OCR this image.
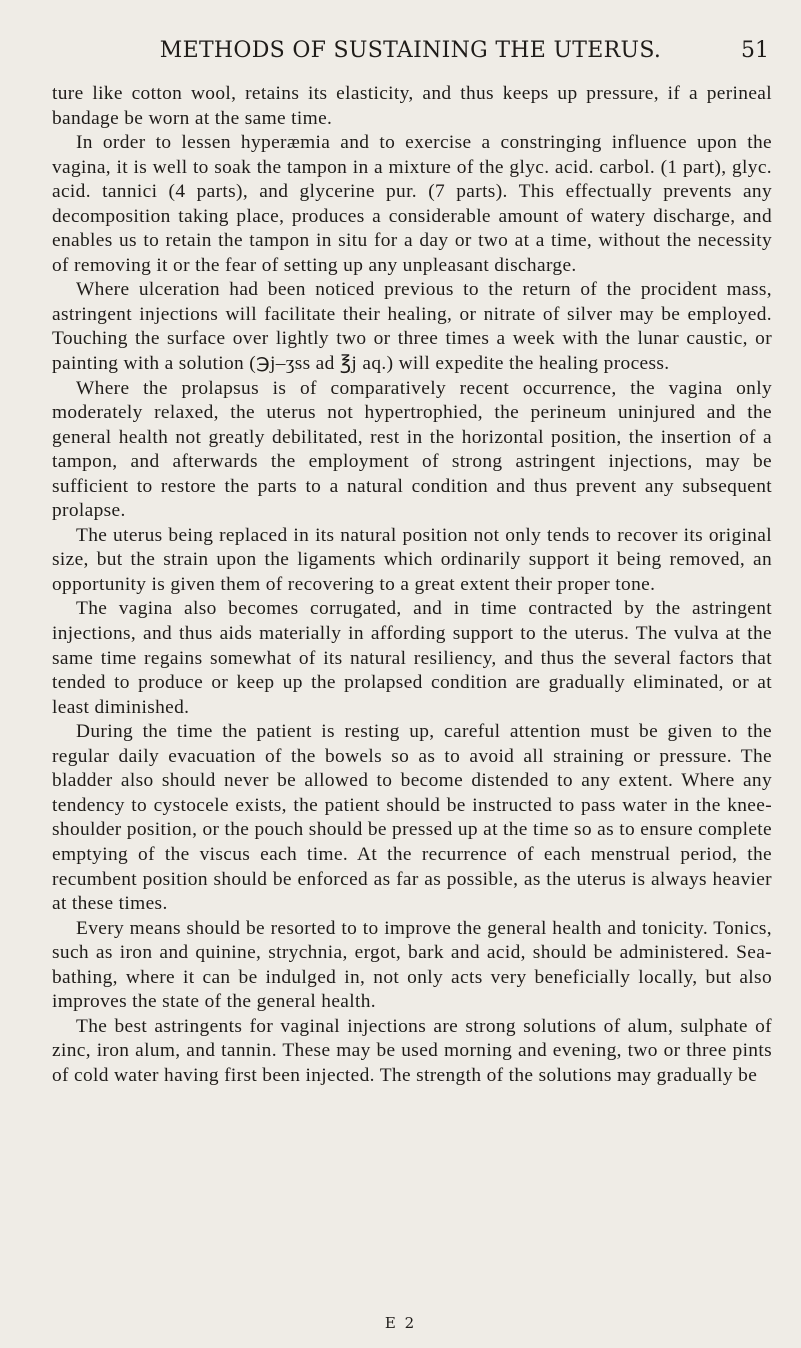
METHODS OF SUSTAINING THE UTERUS.	51

ture like cotton wool, retains its elasticity, and thus keeps up pressure, if a perineal bandage be worn at the same time.

In order to lessen hyperæmia and to exercise a constringing influence upon the vagina, it is well to soak the tampon in a mixture of the glyc. acid. carbol. (1 part), glyc. acid. tannici (4 parts), and glycerine pur. (7 parts). This effectually prevents any decomposition taking place, produces a considerable amount of watery discharge, and enables us to retain the tampon in situ for a day or two at a time, without the necessity of removing it or the fear of setting up any unpleasant discharge.

Where ulceration had been noticed previous to the return of the procident mass, astringent injections will facilitate their healing, or nitrate of silver may be employed. Touching the surface over lightly two or three times a week with the lunar caustic, or painting with a solution (℈j–ʒss ad ℥j aq.) will expedite the healing process.

Where the prolapsus is of comparatively recent occurrence, the vagina only moderately relaxed, the uterus not hypertrophied, the perineum uninjured and the general health not greatly debilitated, rest in the horizontal position, the insertion of a tampon, and afterwards the employment of strong astringent injections, may be sufficient to restore the parts to a natural condition and thus prevent any subsequent prolapse.

The uterus being replaced in its natural position not only tends to recover its original size, but the strain upon the ligaments which ordinarily support it being removed, an opportunity is given them of recovering to a great extent their proper tone.

The vagina also becomes corrugated, and in time contracted by the astringent injections, and thus aids materially in affording support to the uterus. The vulva at the same time regains somewhat of its natural resiliency, and thus the several factors that tended to produce or keep up the prolapsed condition are gradually eliminated, or at least diminished.

During the time the patient is resting up, careful attention must be given to the regular daily evacuation of the bowels so as to avoid all straining or pressure. The bladder also should never be allowed to become distended to any extent. Where any tendency to cystocele exists, the patient should be instructed to pass water in the knee-shoulder position, or the pouch should be pressed up at the time so as to ensure complete emptying of the viscus each time. At the recurrence of each menstrual period, the recumbent position should be enforced as far as possible, as the uterus is always heavier at these times.

Every means should be resorted to to improve the general health and tonicity. Tonics, such as iron and quinine, strychnia, ergot, bark and acid, should be administered. Sea-bathing, where it can be indulged in, not only acts very beneficially locally, but also improves the state of the general health.

The best astringents for vaginal injections are strong solutions of alum, sulphate of zinc, iron alum, and tannin. These may be used morning and evening, two or three pints of cold water having first been injected. The strength of the solutions may gradually be

E 2
